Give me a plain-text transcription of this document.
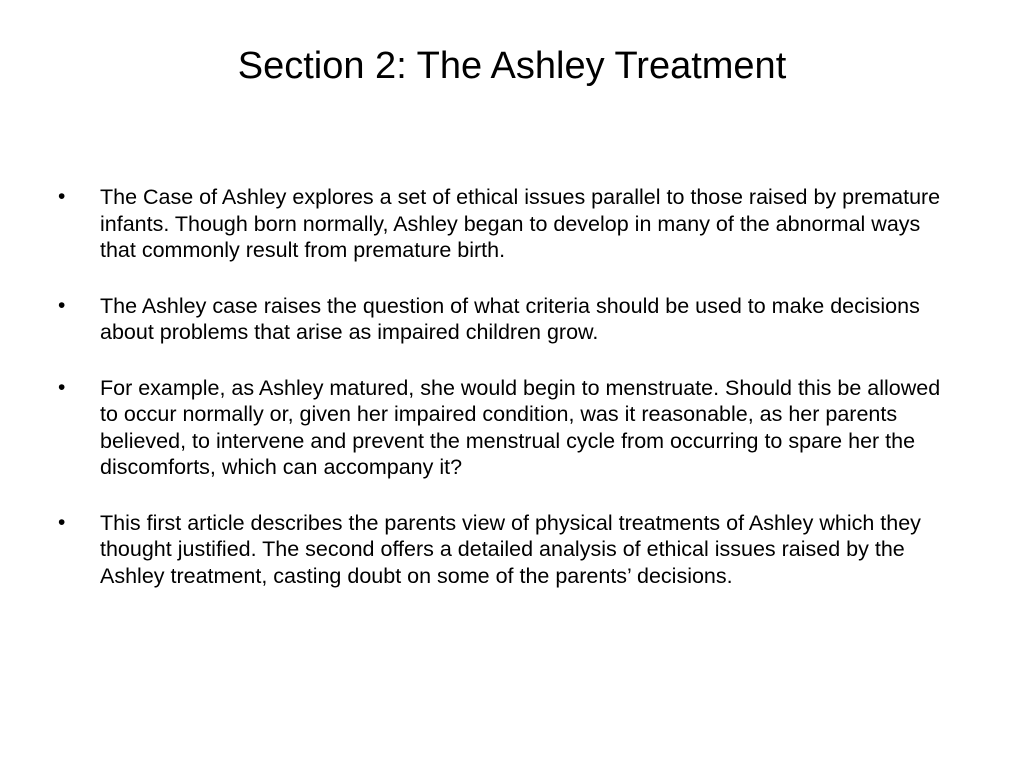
Section 2: The Ashley Treatment
• The Case of Ashley explores a set of ethical issues parallel to those raised by premature infants. Though born normally, Ashley began to develop in many of the abnormal ways that commonly result from premature birth.
• The Ashley case raises the question of what criteria should be used to make decisions about problems that arise as impaired children grow.
• For example, as Ashley matured, she would begin to menstruate. Should this be allowed to occur normally or, given her impaired condition, was it reasonable, as her parents believed, to intervene and prevent the menstrual cycle from occurring to spare her the discomforts, which can accompany it?
• This first article describes the parents view of physical treatments of Ashley which they thought justified. The second offers a detailed analysis of ethical issues raised by the Ashley treatment, casting doubt on some of the parents’ decisions.
